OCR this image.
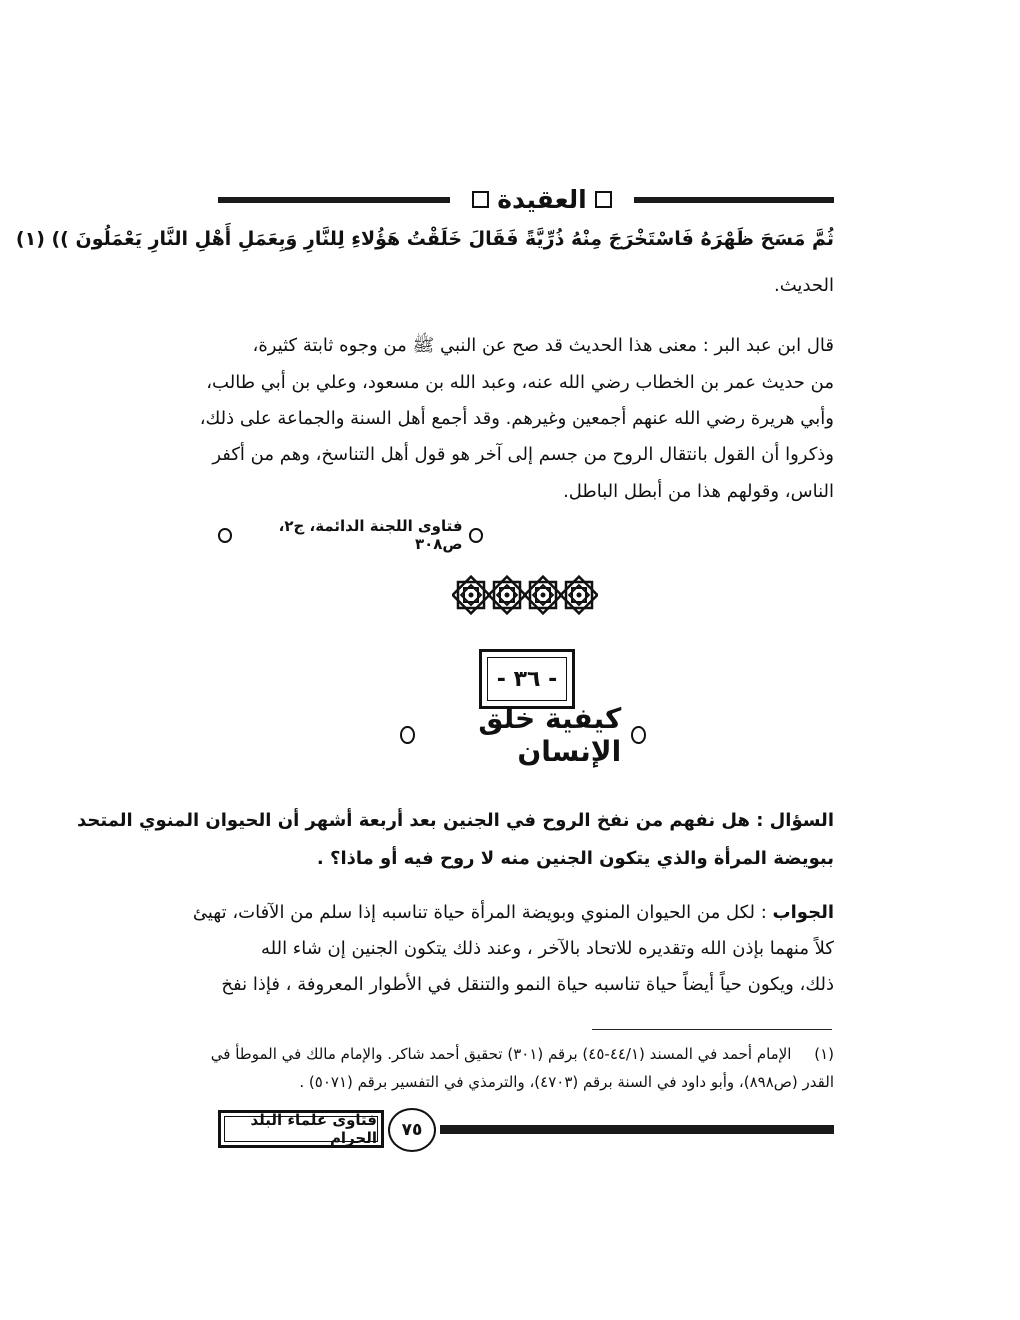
العقيدة
ثُمَّ مَسَحَ ظَهْرَهُ فَاسْتَخْرَجَ مِنْهُ ذُرِّيَّةً فَقَالَ خَلَقْتُ هَؤُلاءِ لِلنَّارِ وَبِعَمَلِ أَهْلِ النَّارِ يَعْمَلُونَ )) (١)
الحديث.
قال ابن عبد البر : معنى هذا الحديث قد صح عن النبي ﷺ من وجوه ثابتة كثيرة،
من حديث عمر بن الخطاب رضي الله عنه، وعبد الله بن مسعود، وعلي بن أبي طالب،
وأبي هريرة رضي الله عنهم أجمعين وغيرهم. وقد أجمع أهل السنة والجماعة على ذلك،
وذكروا أن القول بانتقال الروح من جسم إلى آخر هو قول أهل التناسخ، وهم من أكفر
الناس، وقولهم هذا من أبطل الباطل.
فتاوى اللجنة الدائمة، ج٢، ص٣٠٨
- ٣٦ -
كيفية خلق الإنسان
السؤال : هل نفهم من نفخ الروح في الجنين بعد أربعة أشهر أن الحيوان المنوي المتحد
ببويضة المرأة والذي يتكون الجنين منه لا روح فيه أو ماذا؟ .
الجواب : لكل من الحيوان المنوي وبويضة المرأة حياة تناسبه إذا سلم من الآفات، تهيئ
كلاً منهما بإذن الله وتقديره للاتحاد بالآخر ، وعند ذلك يتكون الجنين إن شاء الله
ذلك، ويكون حياً أيضاً حياة تناسبه حياة النمو والتنقل في الأطوار المعروفة ، فإذا نفخ
(١) الإمام أحمد في المسند (٤٤/١-٤٥) برقم (٣٠١) تحقيق أحمد شاكر. والإمام مالك في الموطأ في
القدر (ص٨٩٨)، وأبو داود في السنة برقم (٤٧٠٣)، والترمذي في التفسير برقم (٥٠٧١) .
فتاوى علماء البلد الحرام	٧٥
